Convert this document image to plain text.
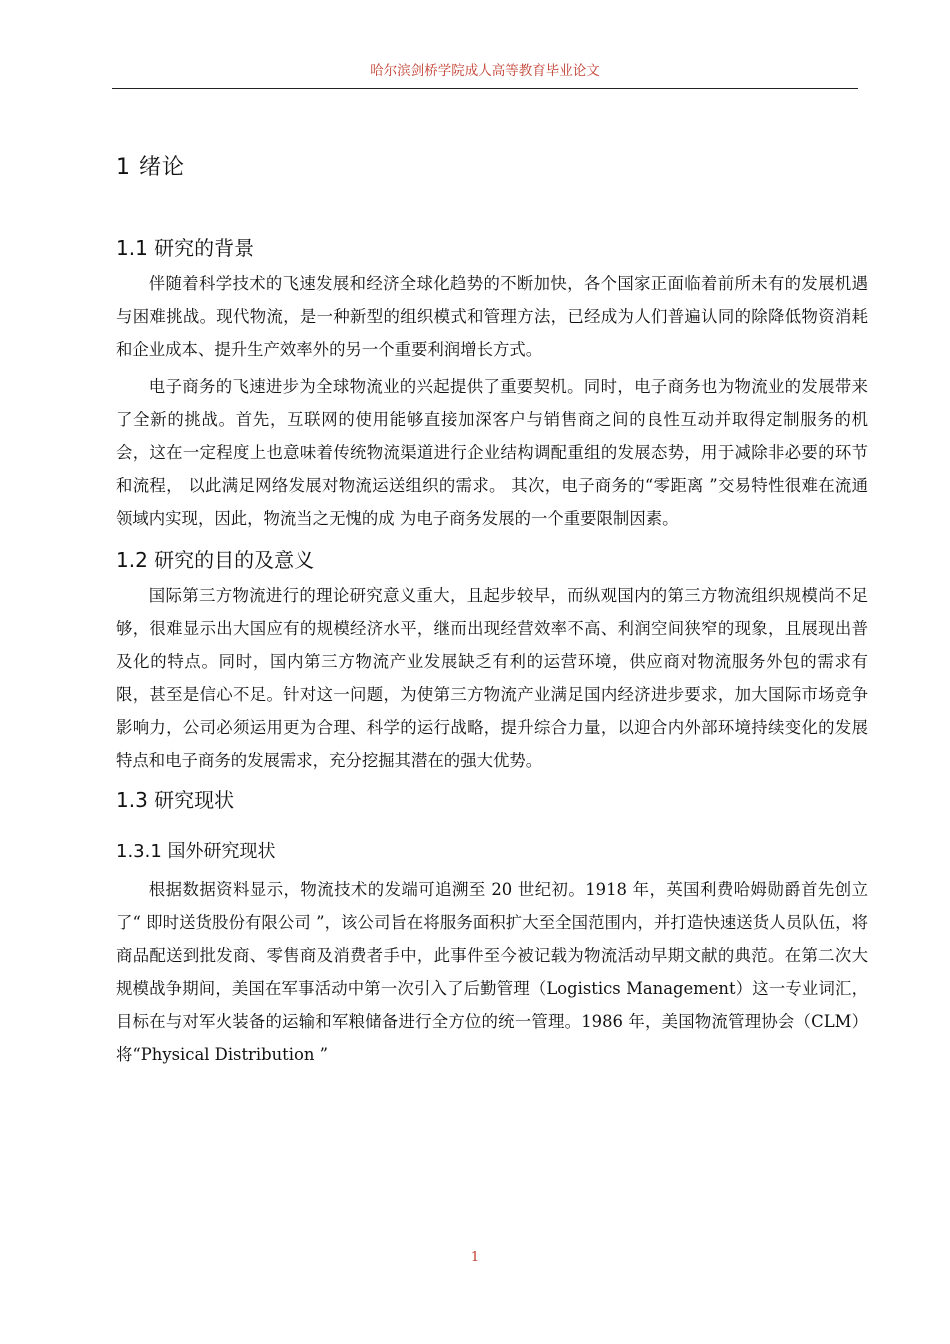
哈尔滨剑桥学院成人高等教育毕业论文
1 绪论
1.1 研究的背景

伴随着科学技术的飞速发展和经济全球化趋势的不断加快，各个国家正面临着前所未有的发展机遇与困难挑战。现代物流，是一种新型的组织模式和管理方法，已经成为人们普遍认同的除降低物资消耗和企业成本、提升生产效率外的另一个重要利润增长方式。

电子商务的飞速进步为全球物流业的兴起提供了重要契机。同时，电子商务也为物流业的发展带来了全新的挑战。首先，互联网的使用能够直接加深客户与销售商之间的良性互动并取得定制服务的机会，这在一定程度上也意味着传统物流渠道进行企业结构调配重组的发展态势，用于减除非必要的环节和流程， 以此满足网络发展对物流运送组织的需求。 其次，电子商务的“零距离 ”交易特性很难在流通领域内实现，因此，物流当之无愧的成 为电子商务发展的一个重要限制因素。

1.2 研究的目的及意义

国际第三方物流进行的理论研究意义重大，且起步较早，而纵观国内的第三方物流组织规模尚不足够，很难显示出大国应有的规模经济水平，继而出现经营效率不高、利润空间狭窄的现象，且展现出普及化的特点。同时，国内第三方物流产业发展缺乏有利的运营环境，供应商对物流服务外包的需求有限，甚至是信心不足。针对这一问题，为使第三方物流产业满足国内经济进步要求，加大国际市场竞争影响力，公司必须运用更为合理、科学的运行战略，提升综合力量，以迎合内外部环境持续变化的发展特点和电子商务的发展需求，充分挖掘其潜在的强大优势。

1.3 研究现状
1.3.1 国外研究现状

根据数据资料显示，物流技术的发端可追溯至 20 世纪初。1918 年，英国利费哈姆勋爵首先创立了“ 即时送货股份有限公司 ”，该公司旨在将服务面积扩大至全国范围内，并打造快速送货人员队伍，将商品配送到批发商、零售商及消费者手中，此事件至今被记载为物流活动早期文献的典范。在第二次大规模战争期间，美国在军事活动中第一次引入了后勤管理（Logistics Management）这一专业词汇， 目标在与对军火装备的运输和军粮储备进行全方位的统一管理。1986 年，美国物流管理协会（CLM）将“Physical Distribution ”

1
